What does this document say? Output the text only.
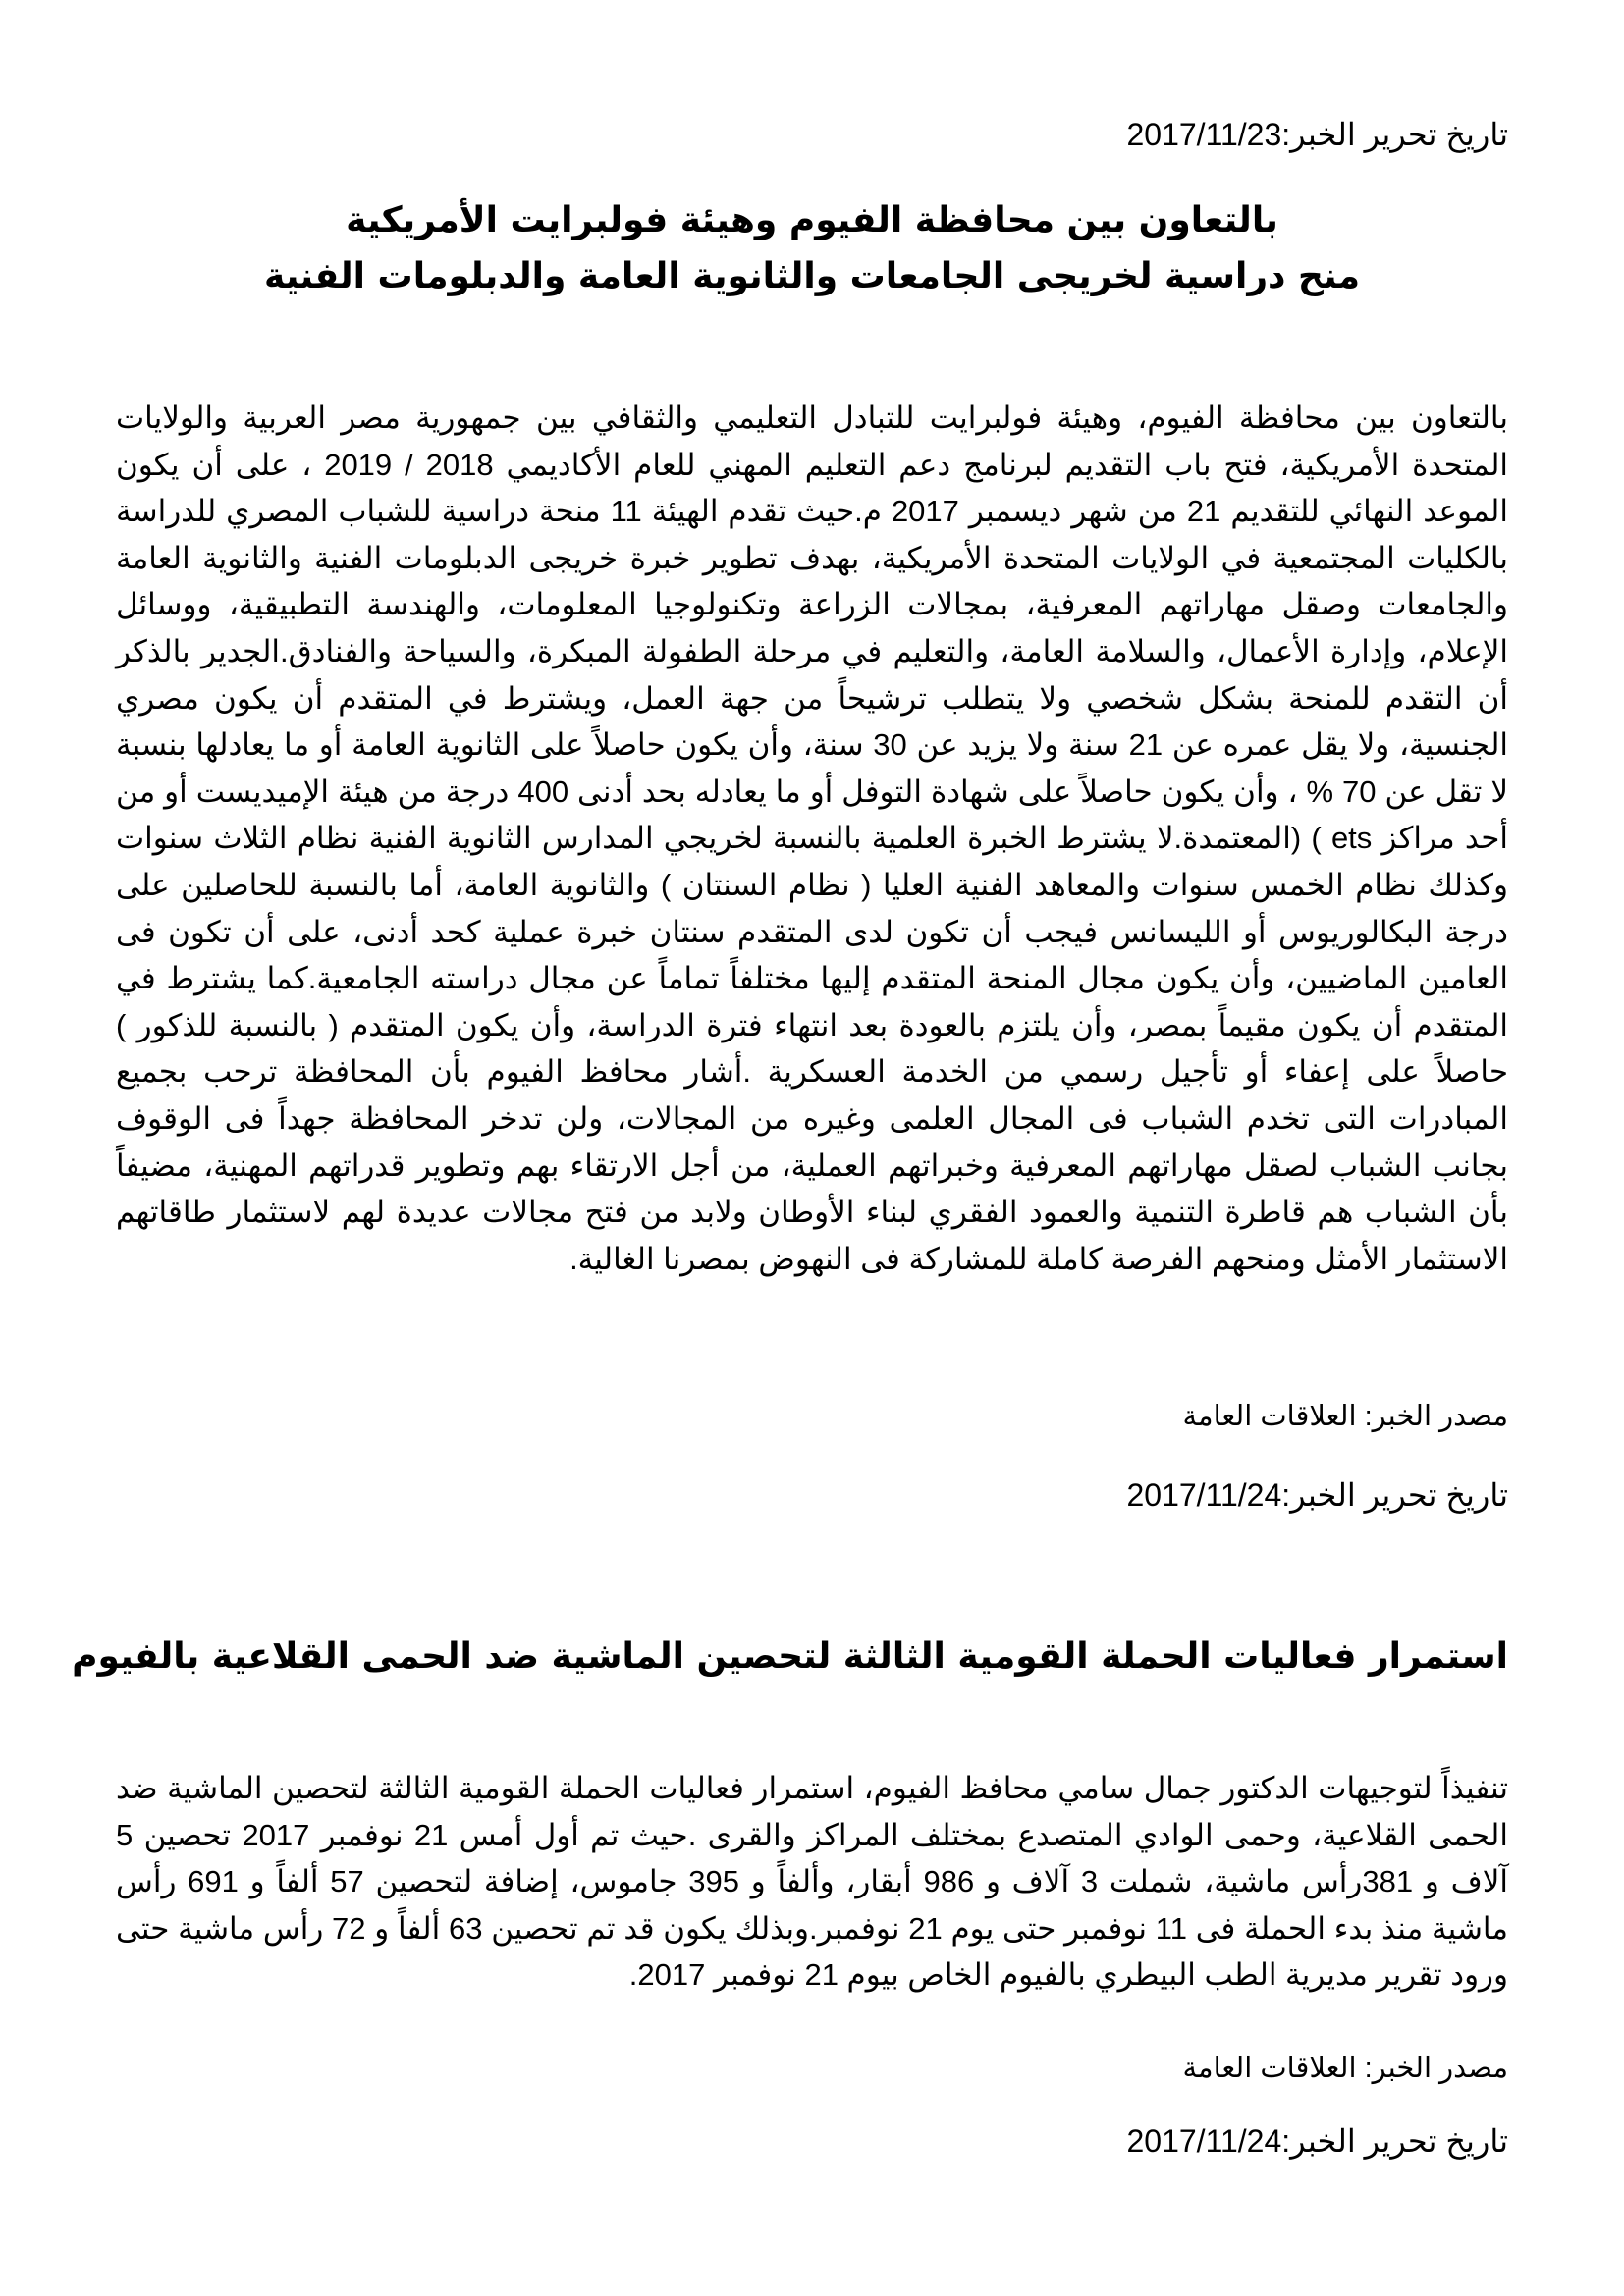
تاريخ تحرير الخبر:2017/11/23
بالتعاون بين محافظة الفيوم وهيئة فولبرايت الأمريكية
منح دراسية لخريجى الجامعات والثانوية العامة والدبلومات الفنية
بالتعاون بين محافظة الفيوم، وهيئة فولبرايت للتبادل التعليمي والثقافي بين جمهورية مصر العربية والولايات المتحدة الأمريكية، فتح باب التقديم لبرنامج دعم التعليم المهني للعام الأكاديمي 2018 / 2019 ، على أن يكون الموعد النهائي للتقديم 21 من شهر ديسمبر 2017 م.حيث تقدم الهيئة 11 منحة دراسية للشباب المصري للدراسة بالكليات المجتمعية في الولايات المتحدة الأمريكية، بهدف تطوير خبرة خريجى الدبلومات الفنية والثانوية العامة والجامعات وصقل مهاراتهم المعرفية، بمجالات الزراعة وتكنولوجيا المعلومات، والهندسة التطبيقية، ووسائل الإعلام، وإدارة الأعمال، والسلامة العامة، والتعليم في مرحلة الطفولة المبكرة، والسياحة والفنادق.الجدير بالذكر أن التقدم للمنحة بشكل شخصي ولا يتطلب ترشيحاً من جهة العمل، ويشترط في المتقدم أن يكون مصري الجنسية، ولا يقل عمره عن 21 سنة ولا يزيد عن 30 سنة، وأن يكون حاصلاً على الثانوية العامة أو ما يعادلها بنسبة لا تقل عن 70 % ، وأن يكون حاصلاً على شهادة التوفل أو ما يعادله بحد أدنى 400 درجة من هيئة الإميديست أو من أحد مراكز ets ) (المعتمدة.لا يشترط الخبرة العلمية بالنسبة لخريجي المدارس الثانوية الفنية نظام الثلاث سنوات وكذلك نظام الخمس سنوات والمعاهد الفنية العليا ( نظام السنتان ) والثانوية العامة، أما بالنسبة للحاصلين على درجة البكالوريوس أو الليسانس فيجب أن تكون لدى المتقدم سنتان خبرة عملية كحد أدنى، على أن تكون فى العامين الماضيين، وأن يكون مجال المنحة المتقدم إليها مختلفاً تماماً عن مجال دراسته الجامعية.كما يشترط في المتقدم أن يكون مقيماً بمصر، وأن يلتزم بالعودة بعد انتهاء فترة الدراسة، وأن يكون المتقدم ( بالنسبة للذكور ) حاصلاً على إعفاء أو تأجيل رسمي من الخدمة العسكرية .أشار محافظ الفيوم بأن المحافظة ترحب بجميع المبادرات التى تخدم الشباب فى المجال العلمى وغيره من المجالات، ولن تدخر المحافظة جهداً فى الوقوف بجانب الشباب لصقل مهاراتهم المعرفية وخبراتهم العملية، من أجل الارتقاء بهم وتطوير قدراتهم المهنية، مضيفاً بأن الشباب هم قاطرة التنمية والعمود الفقري لبناء الأوطان ولابد من فتح مجالات عديدة لهم لاستثمار طاقاتهم الاستثمار الأمثل ومنحهم الفرصة كاملة للمشاركة فى النهوض بمصرنا الغالية.
مصدر الخبر: العلاقات العامة
تاريخ تحرير الخبر:2017/11/24
استمرار فعاليات الحملة القومية الثالثة لتحصين الماشية ضد الحمى القلاعية بالفيوم
تنفيذاً لتوجيهات الدكتور جمال سامي محافظ الفيوم، استمرار فعاليات الحملة القومية الثالثة لتحصين الماشية ضد الحمى القلاعية، وحمى الوادي المتصدع بمختلف المراكز والقرى .حيث تم أول أمس 21 نوفمبر 2017 تحصين 5 آلاف و 381رأس ماشية، شملت 3 آلاف و 986 أبقار، وألفاً و 395 جاموس، إضافة لتحصين 57 ألفاً و 691 رأس ماشية منذ بدء الحملة فى 11 نوفمبر حتى يوم 21 نوفمبر.وبذلك يكون قد تم تحصين 63 ألفاً و 72 رأس ماشية حتى ورود تقرير مديرية الطب البيطري بالفيوم الخاص بيوم 21 نوفمبر 2017.
مصدر الخبر: العلاقات العامة
تاريخ تحرير الخبر:2017/11/24
